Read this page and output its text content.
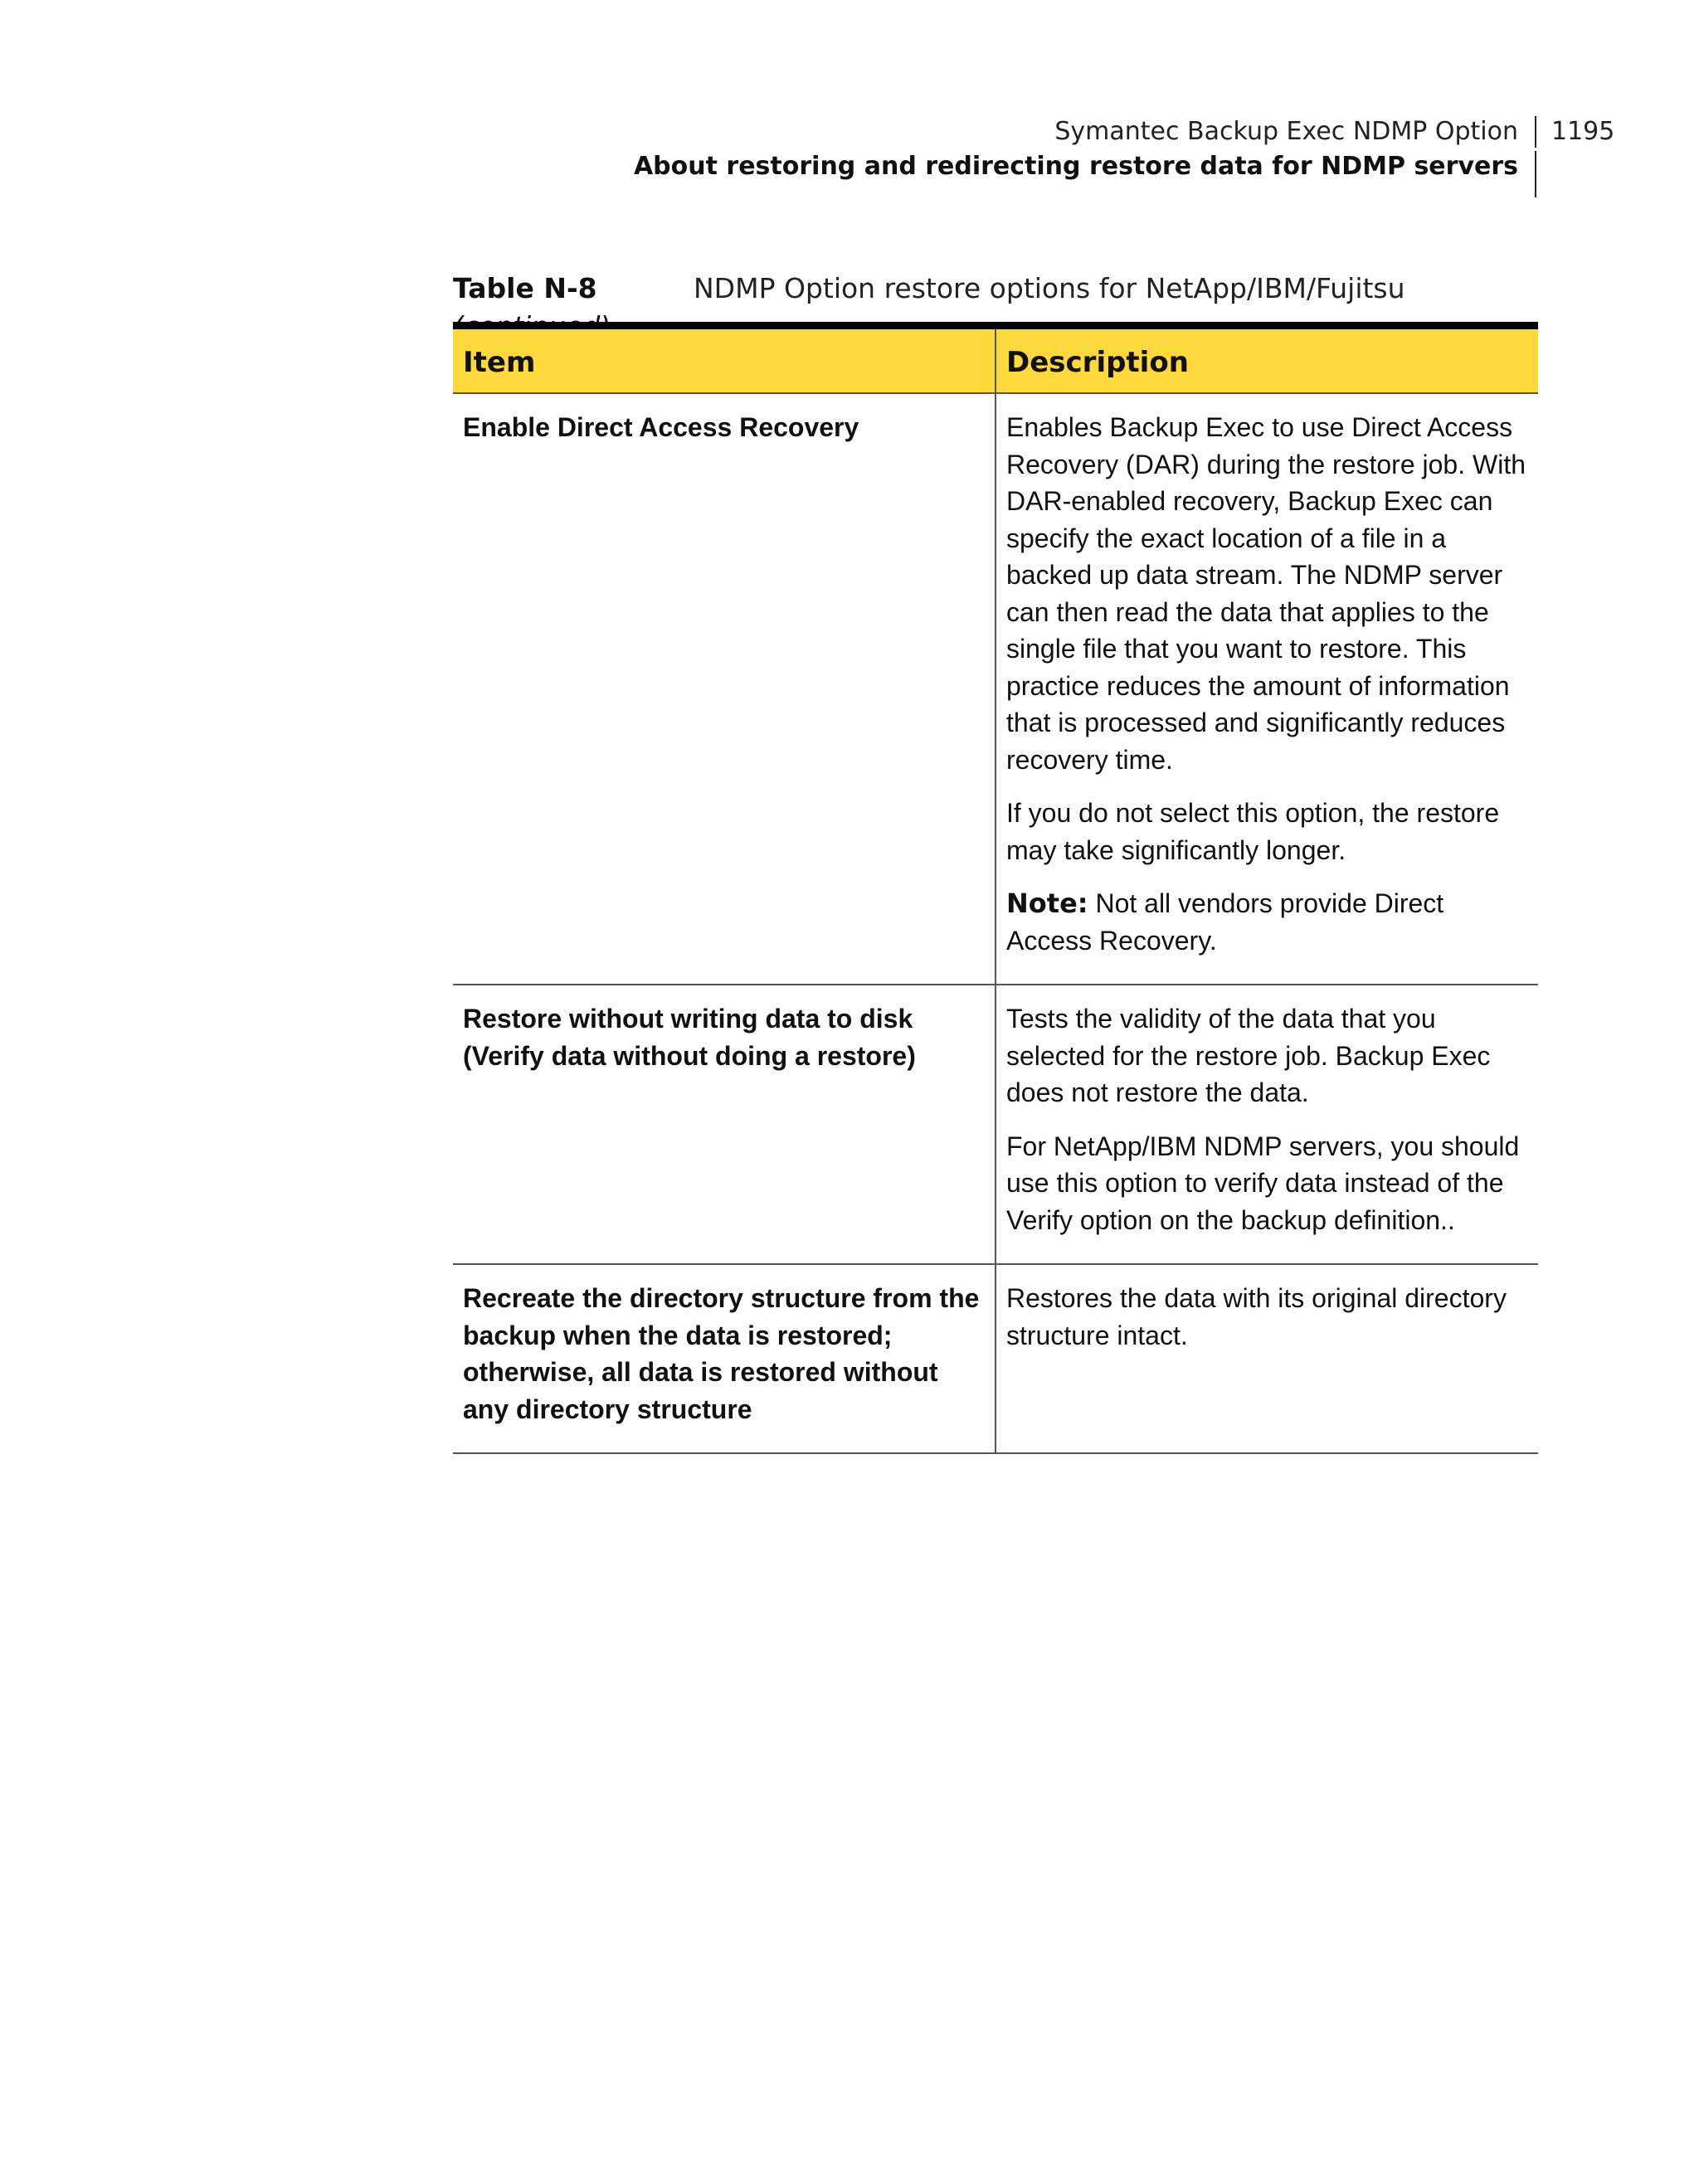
Symantec Backup Exec NDMP Option
About restoring and redirecting restore data for NDMP servers
1195
Table N-8	NDMP Option restore options for NetApp/IBM/Fujitsu
Item	Description
Enable Direct Access Recovery	Enables Backup Exec to use Direct Access Recovery (DAR) during the restore job. With DAR-enabled recovery, Backup Exec can specify the exact location of a file in a backed up data stream. The NDMP server can then read the data that applies to the single file that you want to restore. This practice reduces the amount of information that is processed and significantly reduces recovery time.

If you do not select this option, the restore may take significantly longer.

Note: Not all vendors provide Direct Access Recovery.

Restore without writing data to disk (Verify data without doing a restore)	Tests the validity of the data that you selected for the restore job. Backup Exec does not restore the data.

For NetApp/IBM NDMP servers, you should use this option to verify data instead of the Verify option on the backup definition..

Recreate the directory structure from the backup when the data is restored; otherwise, all data is restored without any directory structure	Restores the data with its original directory structure intact.
